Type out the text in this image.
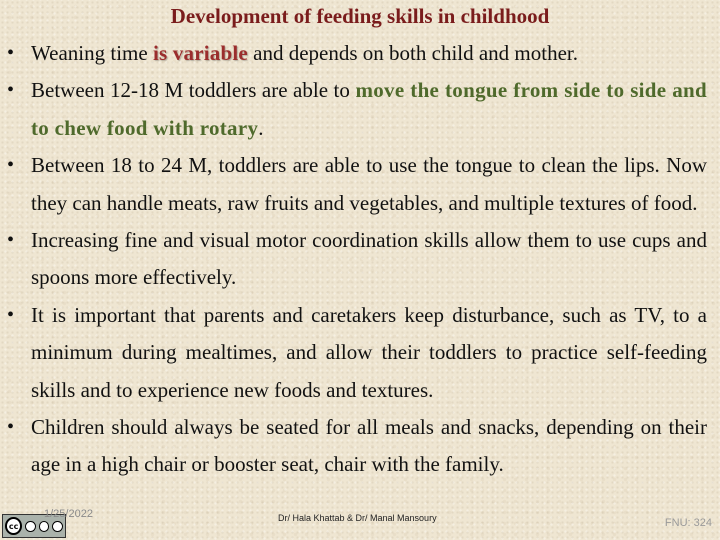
Development of feeding skills in childhood
• Weaning time is variable and depends on both child and mother.
• Between 12-18 M toddlers are able to move the tongue from side to side and to chew food with rotary.
• Between 18 to 24 M, toddlers are able to use the tongue to clean the lips. Now they can handle meats, raw fruits and vegetables, and multiple textures of food.
• Increasing fine and visual motor coordination skills allow them to use cups and spoons more effectively.
• It is important that parents and caretakers keep disturbance, such as TV, to a minimum during mealtimes, and allow their toddlers to practice self-feeding skills and to experience new foods and textures.
• Children should always be seated for all meals and snacks, depending on their age in a high chair or booster seat, chair with the family.
cc
1/25/2022	Dr/ Hala Khattab & Dr/ Manal Mansoury	FNU: 324
